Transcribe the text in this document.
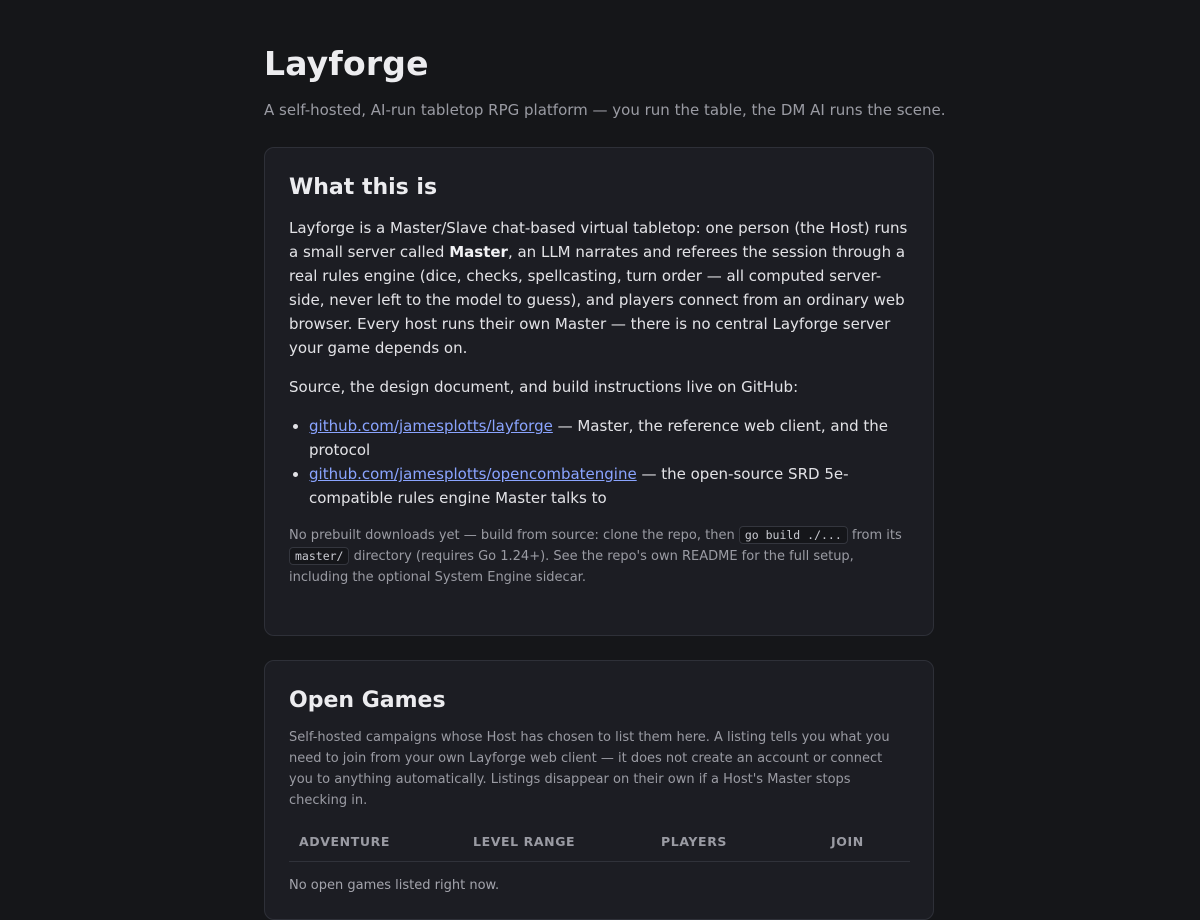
Layforge

A self-hosted, AI-run tabletop RPG platform — you run the table, the DM AI runs the scene.

What this is

Layforge is a Master/Slave chat-based virtual tabletop: one person (the Host) runs a small server called Master, an LLM narrates and referees the session through a real rules engine (dice, checks, spellcasting, turn order — all computed server-side, never left to the model to guess), and players connect from an ordinary web browser. Every host runs their own Master — there is no central Layforge server your game depends on.

Source, the design document, and build instructions live on GitHub:

• github.com/jamesplotts/layforge — Master, the reference web client, and the protocol
• github.com/jamesplotts/opencombatengine — the open-source SRD 5e-compatible rules engine Master talks to

No prebuilt downloads yet — build from source: clone the repo, then go build ./... from its master/ directory (requires Go 1.24+). See the repo's own README for the full setup, including the optional System Engine sidecar.

Open Games

Self-hosted campaigns whose Host has chosen to list them here. A listing tells you what you need to join from your own Layforge web client — it does not create an account or connect you to anything automatically. Listings disappear on their own if a Host's Master stops checking in.

ADVENTURE	LEVEL RANGE	PLAYERS	JOIN

No open games listed right now.
